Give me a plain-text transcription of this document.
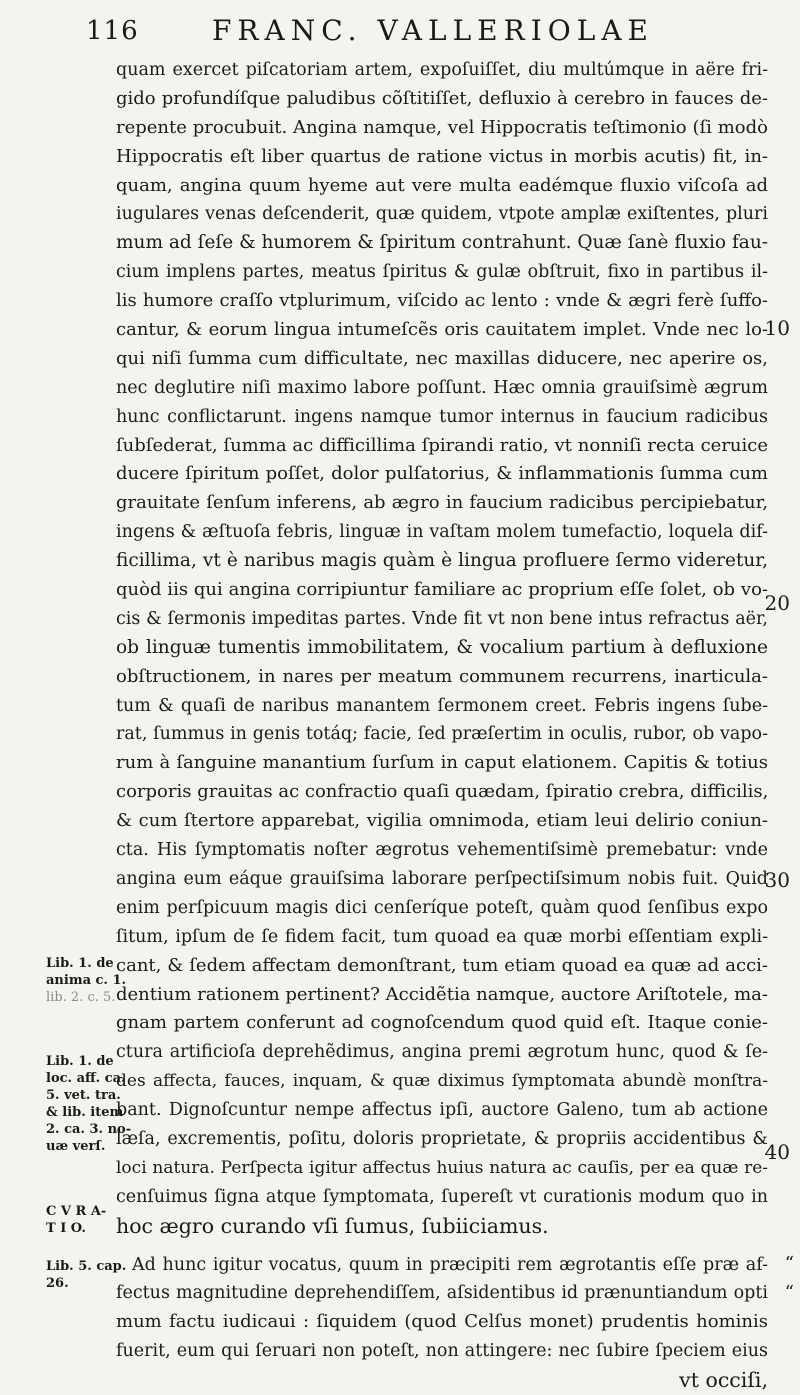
116	FRANC. VALLERIOLAE
quam exercet piſcatoriam artem, expoſuiſſet, diu multúmque in aëre fri-
gido profundíſque paludibus cõſtitiſſet, defluxio à cerebro in fauces de-
repente procubuit. Angina namque, vel Hippocratis teſtimonio (ſi modò
Hippocratis eſt liber quartus de ratione victus in morbis acutis) fit, in-
quam, angina quum hyeme aut vere multa eadémque fluxio viſcoſa ad
iugulares venas deſcenderit, quæ quidem, vtpote amplæ exiſtentes, pluri
mum ad ſeſe & humorem & ſpiritum contrahunt. Quæ ſanè fluxio fau-
cium implens partes, meatus ſpiritus & gulæ obſtruit, fixo in partibus il-
lis humore craſſo vtplurimum, viſcido ac lento : vnde & ægri ferè ſuffo-
cantur, & eorum lingua intumeſcẽs oris cauitatem implet. Vnde nec lo-
qui niſi ſumma cum difficultate, nec maxillas diducere, nec aperire os,
nec deglutire niſi maximo labore poſſunt. Hæc omnia grauiſsimè ægrum
hunc conflictarunt. ingens namque tumor internus in faucium radicibus
ſubſederat, ſumma ac difficillima ſpirandi ratio, vt nonniſi recta ceruice
ducere ſpiritum poſſet, dolor pulſatorius, & inflammationis ſumma cum
grauitate ſenſum inferens, ab ægro in faucium radicibus percipiebatur,
ingens & æſtuoſa febris, linguæ in vaſtam molem tumefactio, loquela dif-
ficillima, vt è naribus magis quàm è lingua profluere ſermo videretur,
quòd iis qui angina corripiuntur familiare ac proprium eſſe ſolet, ob vo-
cis & ſermonis impeditas partes. Vnde fit vt non bene intus refractus aër,
ob linguæ tumentis immobilitatem, & vocalium partium à defluxione
obſtructionem, in nares per meatum communem recurrens, inarticula-
tum & quaſi de naribus manantem ſermonem creet. Febris ingens ſube-
rat, ſummus in genis totáq; facie, ſed præſertim in oculis, rubor, ob vapo-
rum à ſanguine manantium ſurſum in caput elationem. Capitis & totius
corporis grauitas ac confractio quaſi quædam, ſpiratio crebra, difficilis,
& cum ſtertore apparebat, vigilia omnimoda, etiam leui delirio coniun-
cta. His ſymptomatis noſter ægrotus vehementiſsimè premebatur: vnde
angina eum eáque grauiſsima laborare perſpectiſsimum nobis fuit. Quid
enim perſpicuum magis dici cenſeríque poteſt, quàm quod ſenſibus expo
ſitum, ipſum de ſe fidem facit, tum quoad ea quæ morbi eſſentiam expli-
cant, & ſedem affectam demonſtrant, tum etiam quoad ea quæ ad acci-
dentium rationem pertinent? Accidẽtia namque, auctore Ariſtotele, ma-
gnam partem conferunt ad cognoſcendum quod quid eſt. Itaque conie-
ctura artificioſa deprehẽdimus, angina premi ægrotum hunc, quod & ſe-
des affecta, fauces, inquam, & quæ diximus ſymptomata abundè monſtra-
bant. Dignoſcuntur nempe affectus ipſi, auctore Galeno, tum ab actione
læſa, excrementis, poſitu, doloris proprietate, & propriis accidentibus &
loci natura. Perſpecta igitur affectus huius natura ac cauſis, per ea quæ re-
cenſuimus ſigna atque ſymptomata, ſupereſt vt curationis modum quo in
hoc ægro curando vſi ſumus, ſubiiciamus.
Ad hunc igitur vocatus, quum in præcipiti rem ægrotantis eſſe præ af-
fectus magnitudine deprehendiſſem, aſsidentibus id prænuntiandum opti
mum factu iudicaui : ſiquidem (quod Celſus monet) prudentis hominis
fuerit, eum qui ſeruari non poteſt, non attingere: nec ſubire ſpeciem eius
vt occiſi,
10
20
30
40
Lib. 1. de
anima c. 1.
lib. 2. c. 5.
Lib. 1. de
loc. aff. ca.
5. vet. tra.
& lib. item
2. ca. 3. no-
uæ verſ.
C V R A-
T I O.
Lib. 5. cap.
26.
“
“
